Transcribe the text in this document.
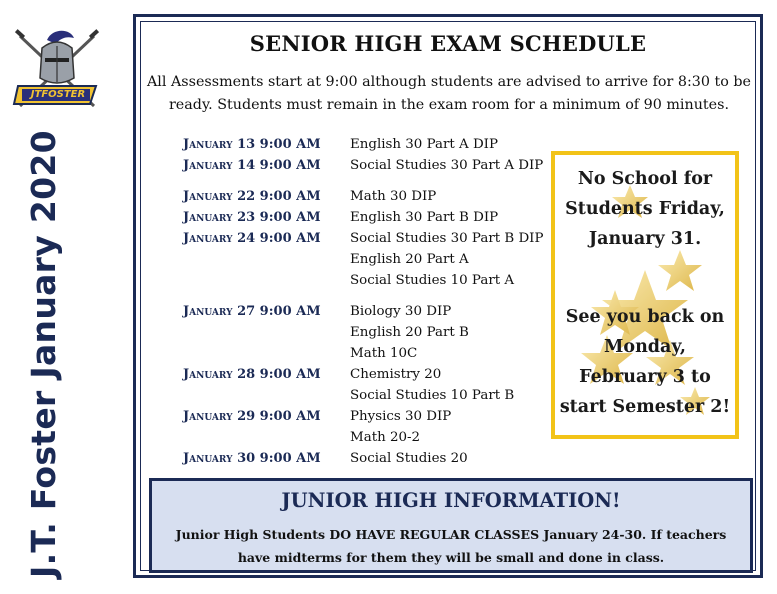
JTFOSTER
J.T. Foster January 2020
SENIOR HIGH EXAM SCHEDULE
All Assessments start at 9:00 although students are advised to arrive for 8:30 to be ready. Students must remain in the exam room for a minimum of 90 minutes.
January 13 9:00 AM	English 30 Part A DIP
January 14 9:00 AM	Social Studies 30 Part A DIP
January 22 9:00 AM	Math 30 DIP
January 23 9:00 AM	English 30 Part B DIP
January 24 9:00 AM	Social Studies 30 Part B DIP
English 20 Part A
Social Studies 10 Part A
January 27 9:00 AM	Biology 30 DIP
English 20 Part B
Math 10C
January 28 9:00 AM	Chemistry 20
Social Studies 10 Part B
January 29 9:00 AM	Physics 30 DIP
Math 20-2
January 30 9:00 AM	Social Studies 20
No School for
Students Friday,
January 31.
See you back on
Monday,
February 3 to
start Semester 2!
JUNIOR HIGH INFORMATION!
Junior High Students DO HAVE REGULAR CLASSES January 24-30. If teachers have midterms for them they will be small and done in class.
